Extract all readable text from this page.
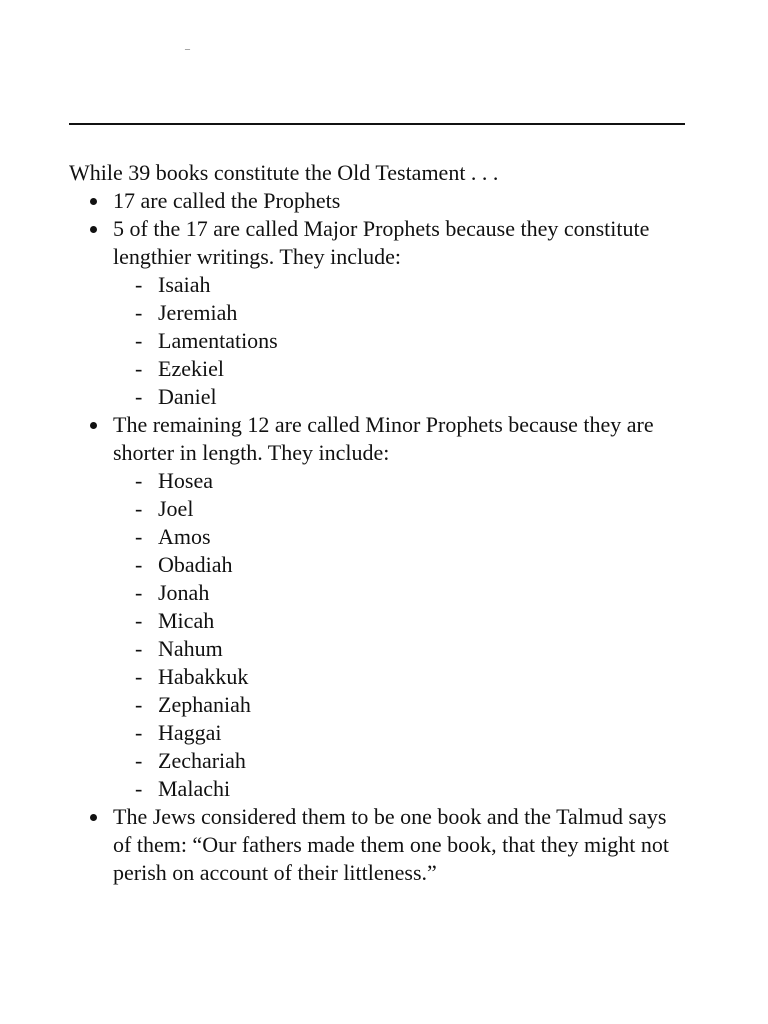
–

While 39 books constitute the Old Testament . . .

17 are called the Prophets
5 of the 17 are called Major Prophets because they constitute lengthier writings. They include:
- Isaiah
- Jeremiah
- Lamentations
- Ezekiel
- Daniel
The remaining 12 are called Minor Prophets because they are shorter in length. They include:
- Hosea
- Joel
- Amos
- Obadiah
- Jonah
- Micah
- Nahum
- Habakkuk
- Zephaniah
- Haggai
- Zechariah
- Malachi
The Jews considered them to be one book and the Talmud says of them: “Our fathers made them one book, that they might not perish on account of their littleness.”
